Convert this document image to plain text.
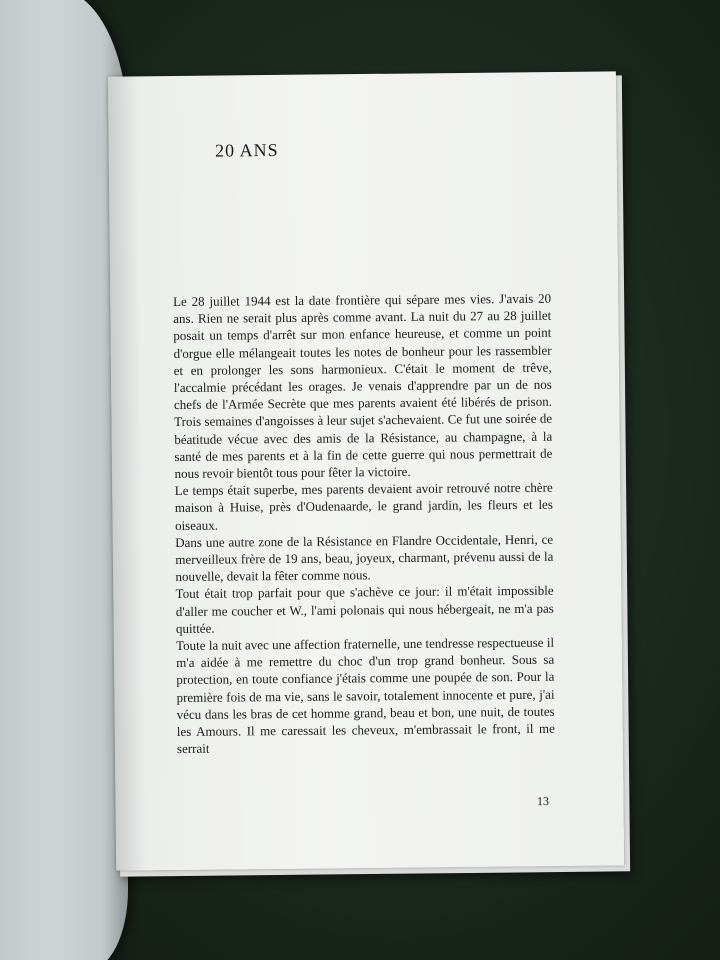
20 ANS

Le 28 juillet 1944 est la date frontière qui sépare mes vies. J'avais 20 ans. Rien ne serait plus après comme avant. La nuit du 27 au 28 juillet posait un temps d'arrêt sur mon enfance heureuse, et comme un point d'orgue elle mélangeait toutes les notes de bonheur pour les rassembler et en prolonger les sons harmonieux. C'était le moment de trêve, l'accalmie précédant les orages. Je venais d'apprendre par un de nos chefs de l'Armée Secrète que mes parents avaient été libérés de prison. Trois semaines d'angoisses à leur sujet s'achevaient. Ce fut une soirée de béatitude vécue avec des amis de la Résistance, au champagne, à la santé de mes parents et à la fin de cette guerre qui nous permettrait de nous revoir bientôt tous pour fêter la victoire.

Le temps était superbe, mes parents devaient avoir retrouvé notre chère maison à Huise, près d'Oudenaarde, le grand jardin, les fleurs et les oiseaux.

Dans une autre zone de la Résistance en Flandre Occidentale, Henri, ce merveilleux frère de 19 ans, beau, joyeux, charmant, prévenu aussi de la nouvelle, devait la fêter comme nous.

Tout était trop parfait pour que s'achève ce jour: il m'était impossible d'aller me coucher et W., l'ami polonais qui nous hébergeait, ne m'a pas quittée.

Toute la nuit avec une affection fraternelle, une tendresse respectueuse il m'a aidée à me remettre du choc d'un trop grand bonheur. Sous sa protection, en toute confiance j'étais comme une poupée de son. Pour la première fois de ma vie, sans le savoir, totalement innocente et pure, j'ai vécu dans les bras de cet homme grand, beau et bon, une nuit, de toutes les Amours. Il me caressait les cheveux, m'embrassait le front, il me serrait

13
